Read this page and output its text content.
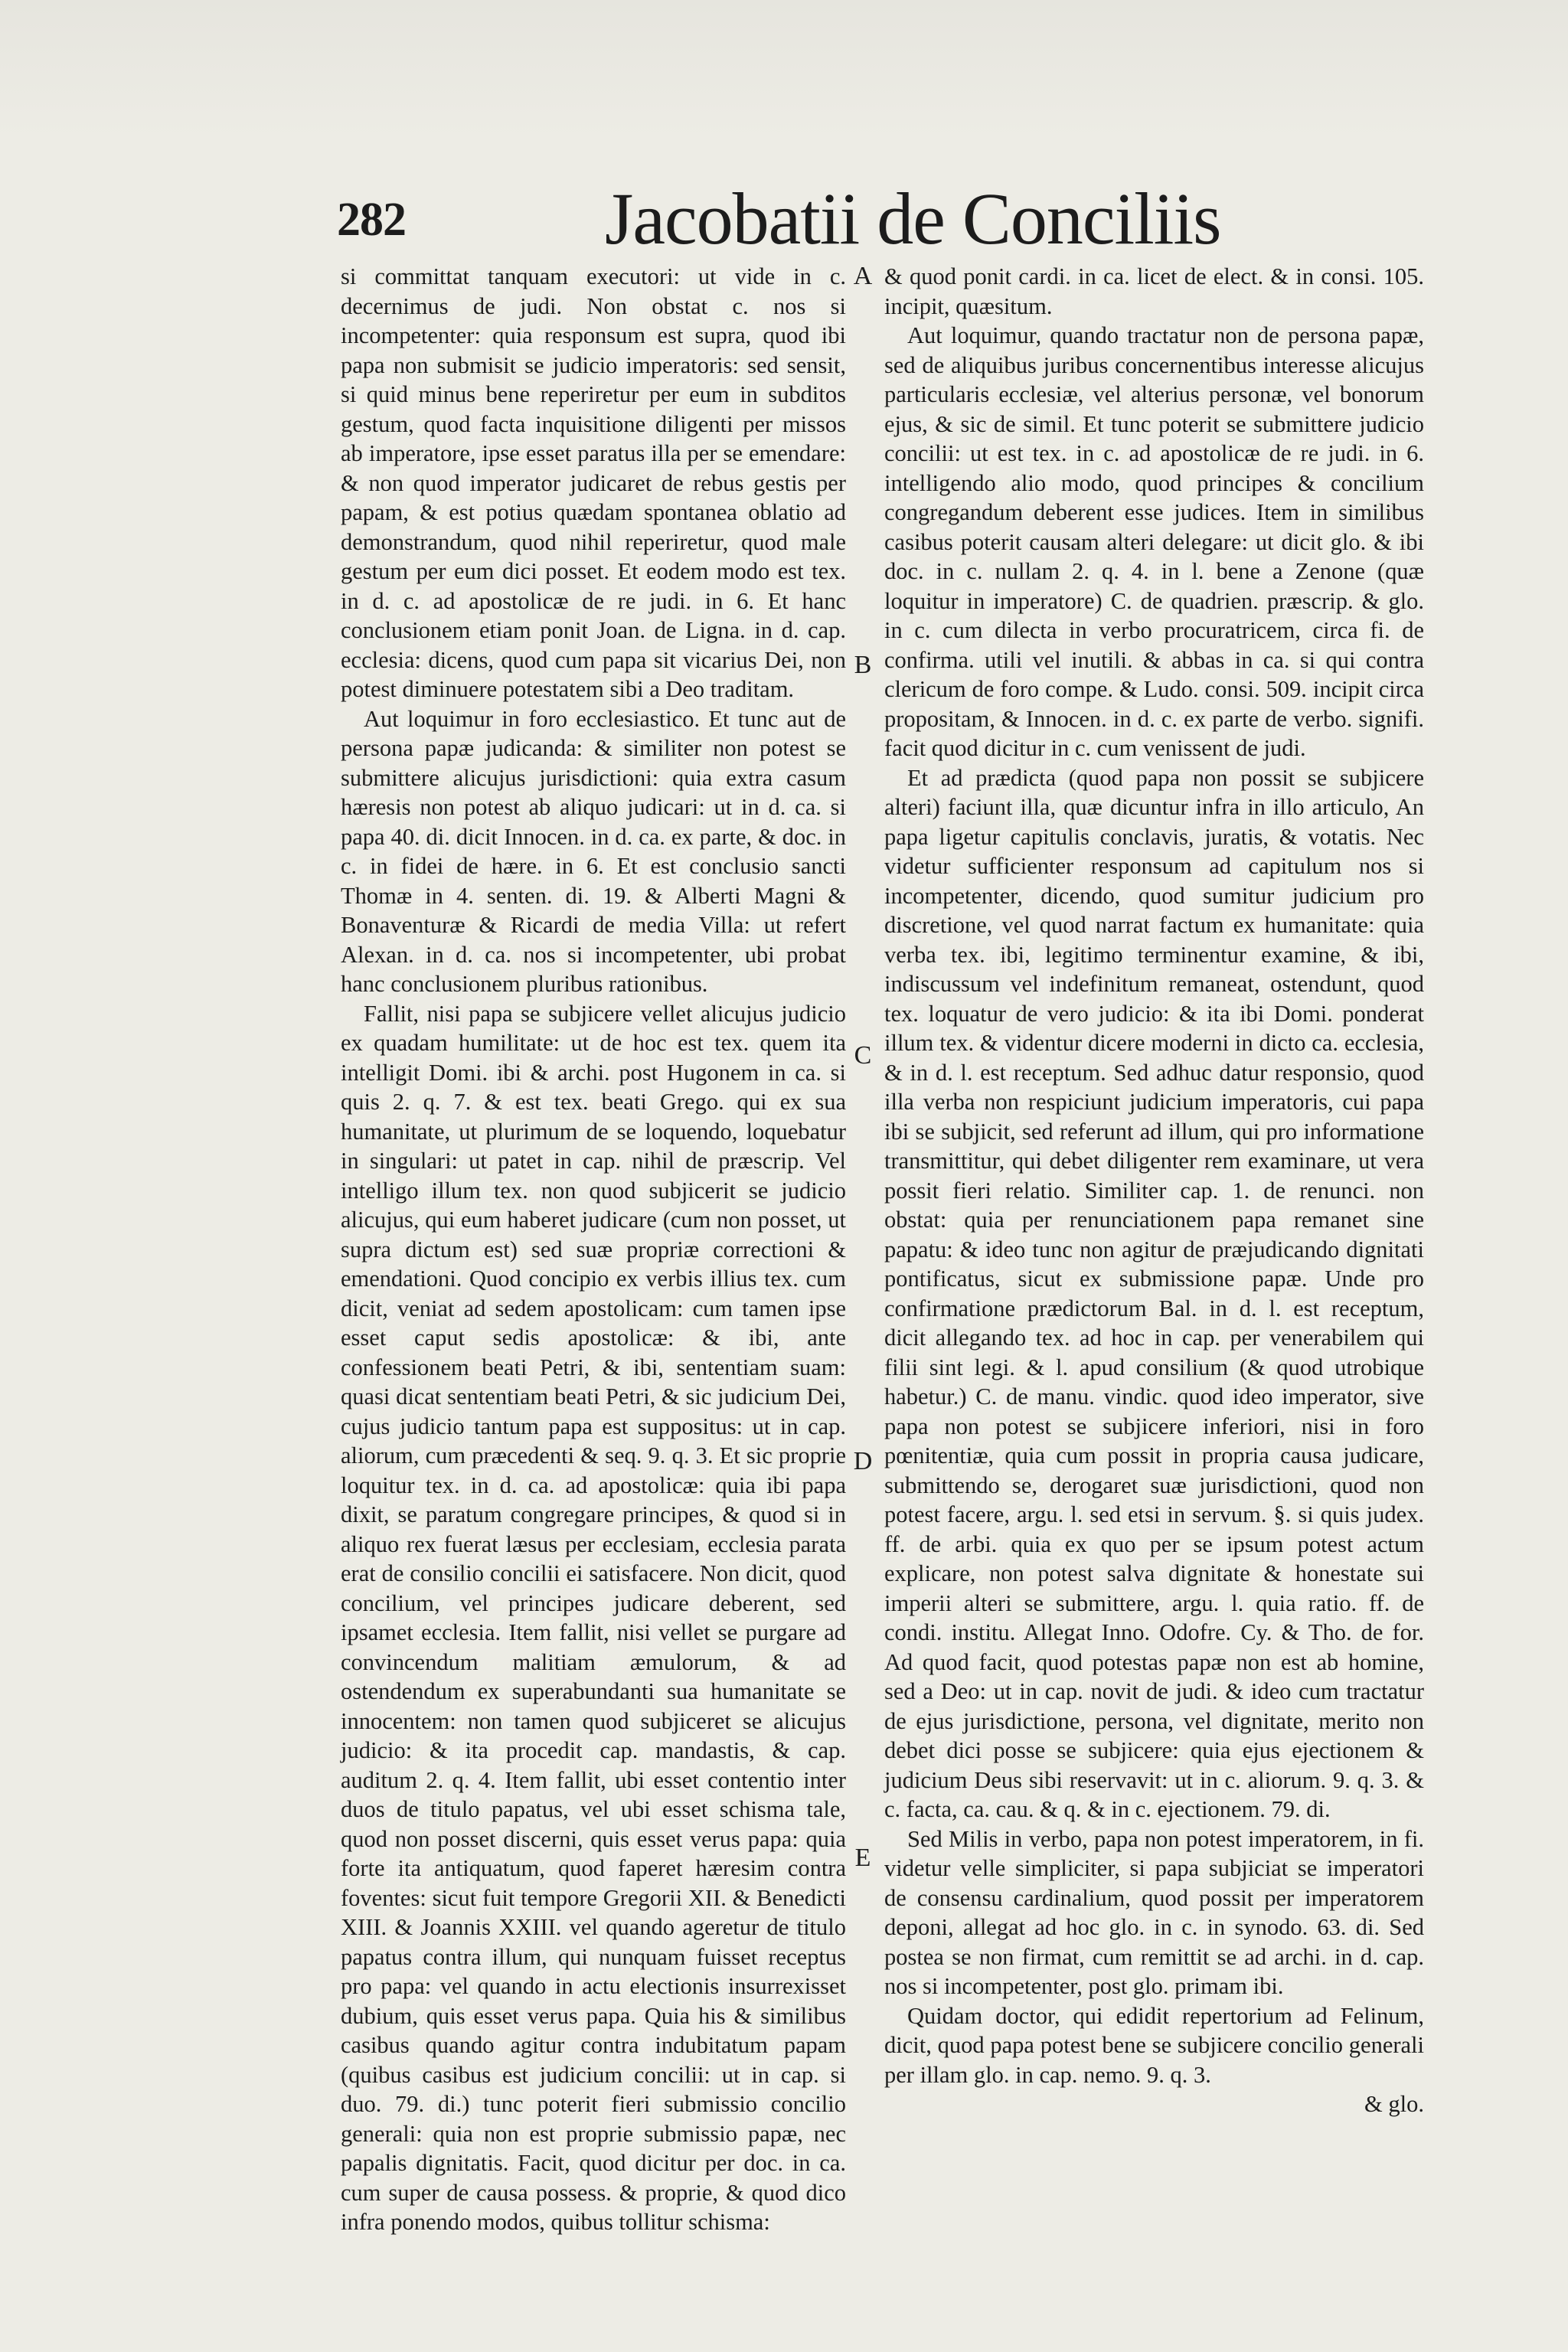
282	Jacobatii de Conciliis

si committat tanquam executori: ut vide in c. decernimus de judi. Non obstat c. nos si incompetenter: quia responsum est supra, quod ibi papa non submisit se judicio imperatoris: sed sensit, si quid minus bene reperiretur per eum in subditos gestum, quod facta inquisitione diligenti per missos ab imperatore, ipse esset paratus illa per se emendare: & non quod imperator judicaret de rebus gestis per papam, & est potius quædam spontanea oblatio ad demonstrandum, quod nihil reperiretur, quod male gestum per eum dici posset. Et eodem modo est tex. in d. c. ad apostolicæ de re judi. in 6. Et hanc conclusionem etiam ponit Joan. de Ligna. in d. cap. ecclesia: dicens, quod cum papa sit vicarius Dei, non potest diminuere potestatem sibi a Deo traditam.

Aut loquimur in foro ecclesiastico. Et tunc aut de persona papæ judicanda: & similiter non potest se submittere alicujus jurisdictioni: quia extra casum hæresis non potest ab aliquo judicari: ut in d. ca. si papa 40. di. dicit Innocen. in d. ca. ex parte, & doc. in c. in fidei de hære. in 6. Et est conclusio sancti Thomæ in 4. senten. di. 19. & Alberti Magni & Bonaventuræ & Ricardi de media Villa: ut refert Alexan. in d. ca. nos si incompetenter, ubi probat hanc conclusionem pluribus rationibus.

Fallit, nisi papa se subjicere vellet alicujus judicio ex quadam humilitate: ut de hoc est tex. quem ita intelligit Domi. ibi & archi. post Hugonem in ca. si quis 2. q. 7. & est tex. beati Grego. qui ex sua humanitate, ut plurimum de se loquendo, loquebatur in singulari: ut patet in cap. nihil de præscrip. Vel intelligo illum tex. non quod subjicerit se judicio alicujus, qui eum haberet judicare (cum non posset, ut supra dictum est) sed suæ propriæ correctioni & emendationi. Quod concipio ex verbis illius tex. cum dicit, veniat ad sedem apostolicam: cum tamen ipse esset caput sedis apostolicæ: & ibi, ante confessionem beati Petri, & ibi, sententiam suam: quasi dicat sententiam beati Petri, & sic judicium Dei, cujus judicio tantum papa est suppositus: ut in cap. aliorum, cum præcedenti & seq. 9. q. 3. Et sic proprie loquitur tex. in d. ca. ad apostolicæ: quia ibi papa dixit, se paratum congregare principes, & quod si in aliquo rex fuerat læsus per ecclesiam, ecclesia parata erat de consilio concilii ei satisfacere. Non dicit, quod concilium, vel principes judicare deberent, sed ipsamet ecclesia. Item fallit, nisi vellet se purgare ad convincendum malitiam æmulorum, & ad ostendendum ex superabundanti sua humanitate se innocentem: non tamen quod subjiceret se alicujus judicio: & ita procedit cap. mandastis, & cap. auditum 2. q. 4. Item fallit, ubi esset contentio inter duos de titulo papatus, vel ubi esset schisma tale, quod non posset discerni, quis esset verus papa: quia forte ita antiquatum, quod faperet hæresim contra foventes: sicut fuit tempore Gregorii XII. & Benedicti XIII. & Joannis XXIII. vel quando ageretur de titulo papatus contra illum, qui nunquam fuisset receptus pro papa: vel quando in actu electionis insurrexisset dubium, quis esset verus papa. Quia his & similibus casibus quando agitur contra indubitatum papam (quibus casibus est judicium concilii: ut in cap. si duo. 79. di.) tunc poterit fieri submissio concilio generali: quia non est proprie submissio papæ, nec papalis dignitatis. Facit, quod dicitur per doc. in ca. cum super de causa possess. & proprie, & quod dico infra ponendo modos, quibus tollitur schisma:

A
B
C
D
E

& quod ponit cardi. in ca. licet de elect. & in consi. 105. incipit, quæsitum.

Aut loquimur, quando tractatur non de persona papæ, sed de aliquibus juribus concernentibus interesse alicujus particularis ecclesiæ, vel alterius personæ, vel bonorum ejus, & sic de simil. Et tunc poterit se submittere judicio concilii: ut est tex. in c. ad apostolicæ de re judi. in 6. intelligendo alio modo, quod principes & concilium congregandum deberent esse judices. Item in similibus casibus poterit causam alteri delegare: ut dicit glo. & ibi doc. in c. nullam 2. q. 4. in l. bene a Zenone (quæ loquitur in imperatore) C. de quadrien. præscrip. & glo. in c. cum dilecta in verbo procuratricem, circa fi. de confirma. utili vel inutili. & abbas in ca. si qui contra clericum de foro compe. & Ludo. consi. 509. incipit circa propositam, & Innocen. in d. c. ex parte de verbo. signifi. facit quod dicitur in c. cum venissent de judi.

Et ad prædicta (quod papa non possit se subjicere alteri) faciunt illa, quæ dicuntur infra in illo articulo, An papa ligetur capitulis conclavis, juratis, & votatis. Nec videtur sufficienter responsum ad capitulum nos si incompetenter, dicendo, quod sumitur judicium pro discretione, vel quod narrat factum ex humanitate: quia verba tex. ibi, legitimo terminentur examine, & ibi, indiscussum vel indefinitum remaneat, ostendunt, quod tex. loquatur de vero judicio: & ita ibi Domi. ponderat illum tex. & videntur dicere moderni in dicto ca. ecclesia, & in d. l. est receptum. Sed adhuc datur responsio, quod illa verba non respiciunt judicium imperatoris, cui papa ibi se subjicit, sed referunt ad illum, qui pro informatione transmittitur, qui debet diligenter rem examinare, ut vera possit fieri relatio. Similiter cap. 1. de renunci. non obstat: quia per renunciationem papa remanet sine papatu: & ideo tunc non agitur de præjudicando dignitati pontificatus, sicut ex submissione papæ. Unde pro confirmatione prædictorum Bal. in d. l. est receptum, dicit allegando tex. ad hoc in cap. per venerabilem qui filii sint legi. & l. apud consilium (& quod utrobique habetur.) C. de manu. vindic. quod ideo imperator, sive papa non potest se subjicere inferiori, nisi in foro pœnitentiæ, quia cum possit in propria causa judicare, submittendo se, derogaret suæ jurisdictioni, quod non potest facere, argu. l. sed etsi in servum. §. si quis judex. ff. de arbi. quia ex quo per se ipsum potest actum explicare, non potest salva dignitate & honestate sui imperii alteri se submittere, argu. l. quia ratio. ff. de condi. institu. Allegat Inno. Odofre. Cy. & Tho. de for. Ad quod facit, quod potestas papæ non est ab homine, sed a Deo: ut in cap. novit de judi. & ideo cum tractatur de ejus jurisdictione, persona, vel dignitate, merito non debet dici posse se subjicere: quia ejus ejectionem & judicium Deus sibi reservavit: ut in c. aliorum. 9. q. 3. & c. facta, ca. cau. & q. & in c. ejectionem. 79. di.

Sed Milis in verbo, papa non potest imperatorem, in fi. videtur velle simpliciter, si papa subjiciat se imperatori de consensu cardinalium, quod possit per imperatorem deponi, allegat ad hoc glo. in c. in synodo. 63. di. Sed postea se non firmat, cum remittit se ad archi. in d. cap. nos si incompetenter, post glo. primam ibi.

Quidam doctor, qui edidit repertorium ad Felinum, dicit, quod papa potest bene se subjicere concilio generali per illam glo. in cap. nemo. 9. q. 3.

& glo.
